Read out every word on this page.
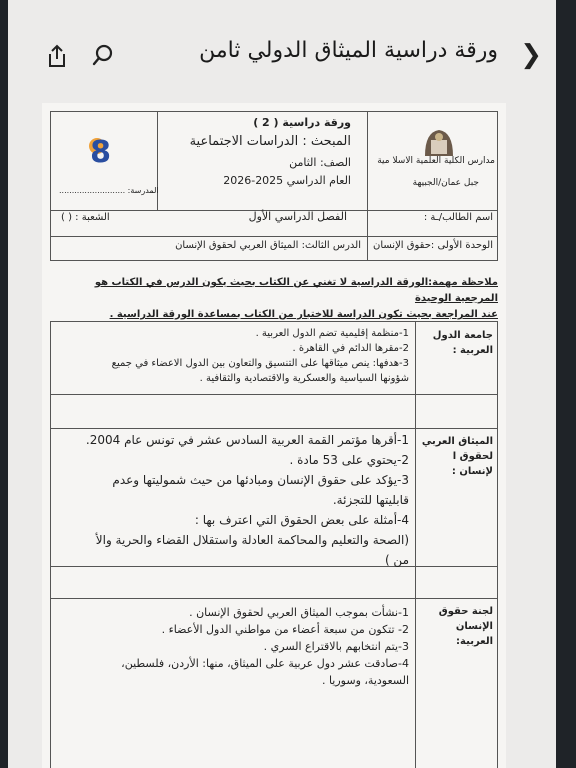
❯
ورقة دراسية الميثاق الدولي ثامن
مدارس الكلية العلمية الاسلا مية
جبل عمان/الجبيهة
اسم الطالب/ـة :
الوحدة الأولى :حقوق الإنسان
ورقة دراسية ( 2 )
المبحث : الدراسات الاجتماعية
الصف: الثامن
العام الدراسي 2025-2026
الفصل الدراسي الأول
الدرس الثالث: الميثاق العربي لحقوق الإنسان
8
المدرسة: ..........................
الشعبة : ( )
ملاحظة مهمة:الورقة الدراسية لا تغني عن الكتاب بحيث يكون الدرس في الكتاب هو المرجعية الوحيدة
عند المراجعة بحيث تكون الدراسة للاختبار من الكتاب بمساعدة الورقة الدراسية .
جامعة الدول العربية :
1-منظمة إقليمية تضم الدول العربية .
2-مقرها الدائم في القاهرة .
3-هدفها: ينص ميثاقها على التنسيق والتعاون بين الدول الاعضاء في جميع
شؤونها السياسية والعسكرية والاقتصادية والثقافية .
الميثاق العربي لحقوق ا لإنسان :
1-أقرها مؤتمر القمة العربية السادس عشر في تونس عام 2004.
2-يحتوي على 53 مادة .
3-يؤكد على حقوق الإنسان ومبادئها من حيث شموليتها وعدم
قابليتها للتجزئة.
4-أمثلة على بعض الحقوق التي اعترف بها :
(الصحة والتعليم والمحاكمة العادلة واستقلال القضاء والحرية والأ
من )
لجنة حقوق الإنسان العربية:
1-نشأت بموجب الميثاق العربي لحقوق الإنسان .
2- تتكون من سبعة أعضاء من مواطني الدول الأعضاء .
3-يتم انتخابهم بالاقتراع السري .
4-صادقت عشر دول عربية على الميثاق، منها: الأردن، فلسطين،
السعودية، وسوريا .
